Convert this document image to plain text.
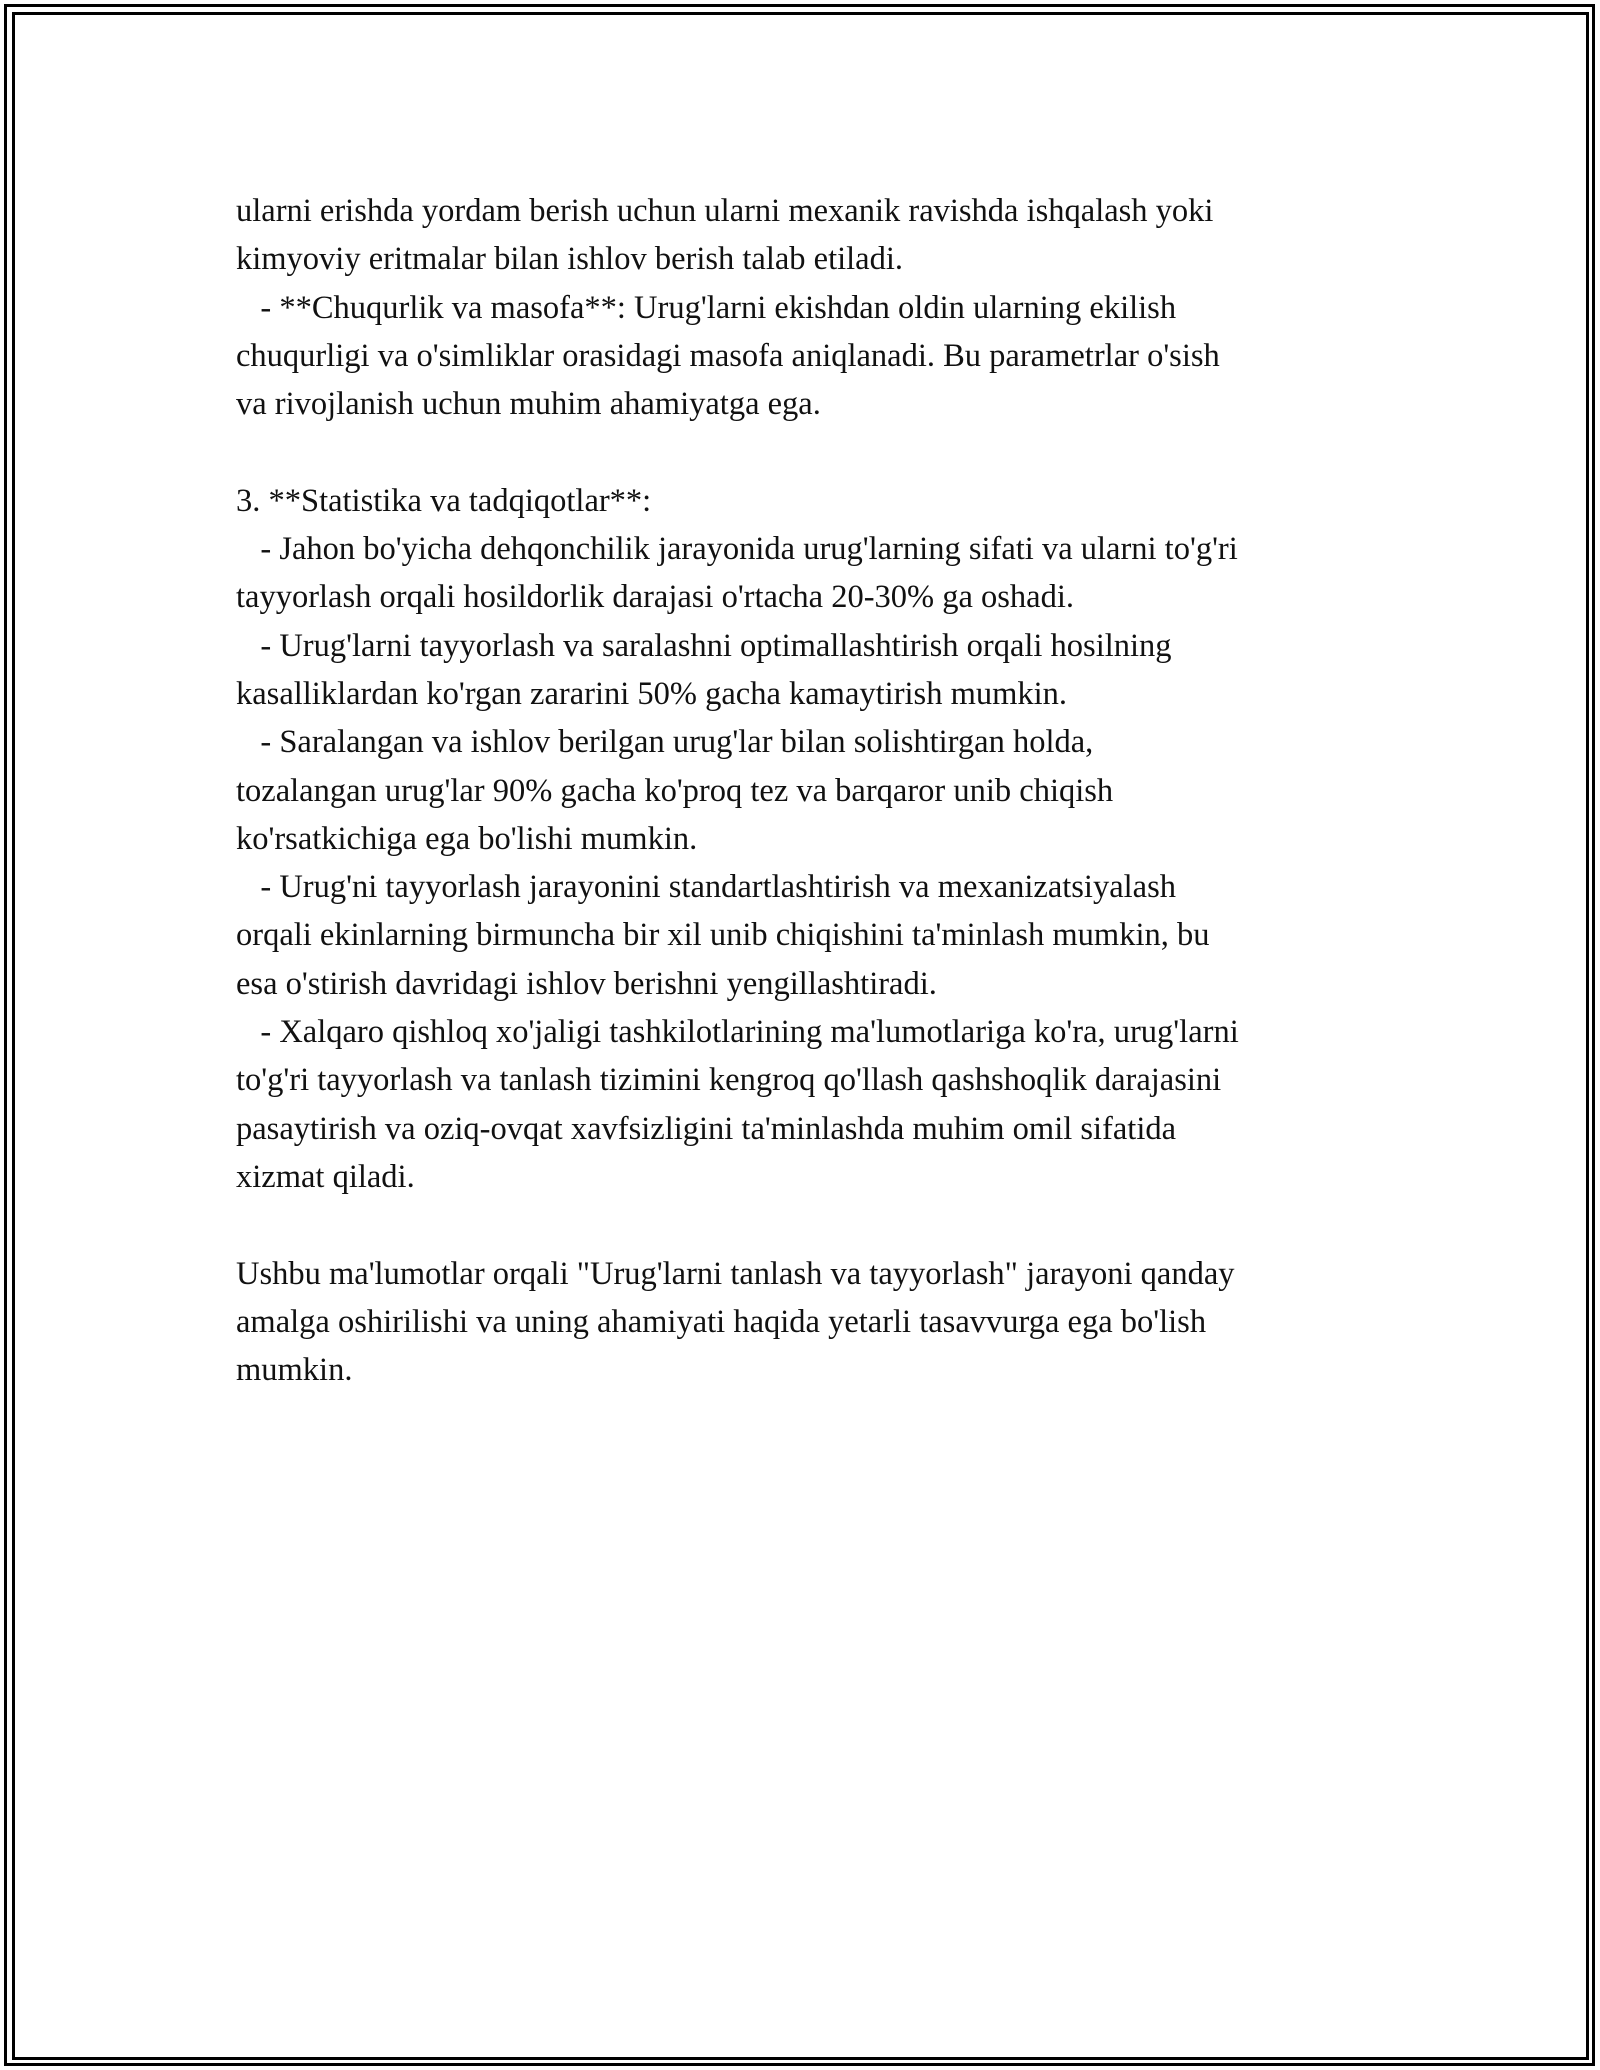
ularni erishda yordam berish uchun ularni mexanik ravishda ishqalash yoki
kimyoviy eritmalar bilan ishlov berish talab etiladi.
- **Chuqurlik va masofa**: Urug'larni ekishdan oldin ularning ekilish
chuqurligi va o'simliklar orasidagi masofa aniqlanadi. Bu parametrlar o'sish
va rivojlanish uchun muhim ahamiyatga ega.
3. **Statistika va tadqiqotlar**:
- Jahon bo'yicha dehqonchilik jarayonida urug'larning sifati va ularni to'g'ri
tayyorlash orqali hosildorlik darajasi o'rtacha 20-30% ga oshadi.
- Urug'larni tayyorlash va saralashni optimallashtirish orqali hosilning
kasalliklardan ko'rgan zararini 50% gacha kamaytirish mumkin.
- Saralangan va ishlov berilgan urug'lar bilan solishtirgan holda,
tozalangan urug'lar 90% gacha ko'proq tez va barqaror unib chiqish
ko'rsatkichiga ega bo'lishi mumkin.
- Urug'ni tayyorlash jarayonini standartlashtirish va mexanizatsiyalash
orqali ekinlarning birmuncha bir xil unib chiqishini ta'minlash mumkin, bu
esa o'stirish davridagi ishlov berishni yengillashtiradi.
- Xalqaro qishloq xo'jaligi tashkilotlarining ma'lumotlariga ko'ra, urug'larni
to'g'ri tayyorlash va tanlash tizimini kengroq qo'llash qashshoqlik darajasini
pasaytirish va oziq-ovqat xavfsizligini ta'minlashda muhim omil sifatida
xizmat qiladi.
Ushbu ma'lumotlar orqali "Urug'larni tanlash va tayyorlash" jarayoni qanday
amalga oshirilishi va uning ahamiyati haqida yetarli tasavvurga ega bo'lish
mumkin.
